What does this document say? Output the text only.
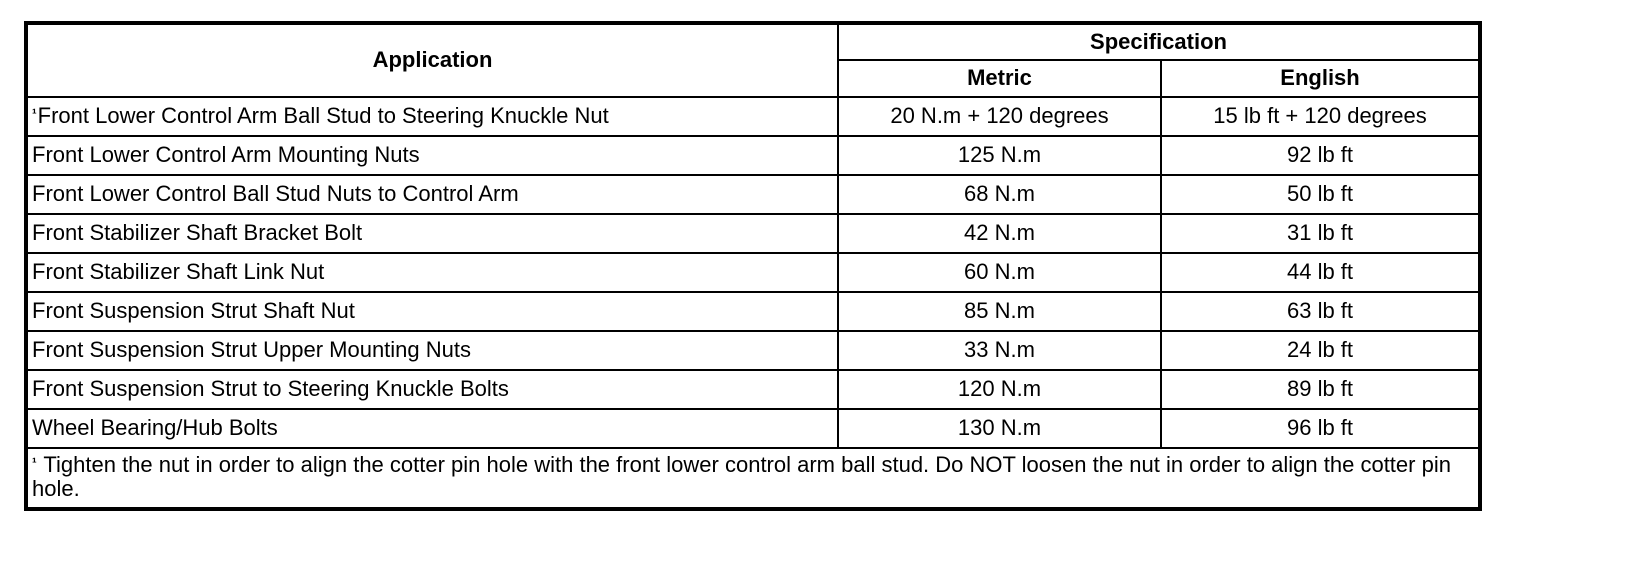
Application	Specification	
	Metric	English
$^{^1}$Front Lower Control Arm Ball Stud to Steering Knuckle Nut	20 N.m + 120 degrees	15 lb ft + 120 degrees
Front Lower Control Arm Mounting Nuts	125 N.m	92 lb ft
Front Lower Control Ball Stud Nuts to Control Arm	68 N.m	50 lb ft
Front Stabilizer Shaft Bracket Bolt	42 N.m	31 lb ft
Front Stabilizer Shaft Link Nut	60 N.m	44 lb ft
Front Suspension Strut Shaft Nut	85 N.m	63 lb ft
Front Suspension Strut Upper Mounting Nuts	33 N.m	24 lb ft
Front Suspension Strut to Steering Knuckle Bolts	120 N.m	89 lb ft
Wheel Bearing/Hub Bolts	130 N.m	96 lb ft
$^{^1}$ Tighten the nut in order to align the cotter pin hole with the front lower control arm ball stud. Do NOT loosen the nut in order to align the cotter pin hole.		
